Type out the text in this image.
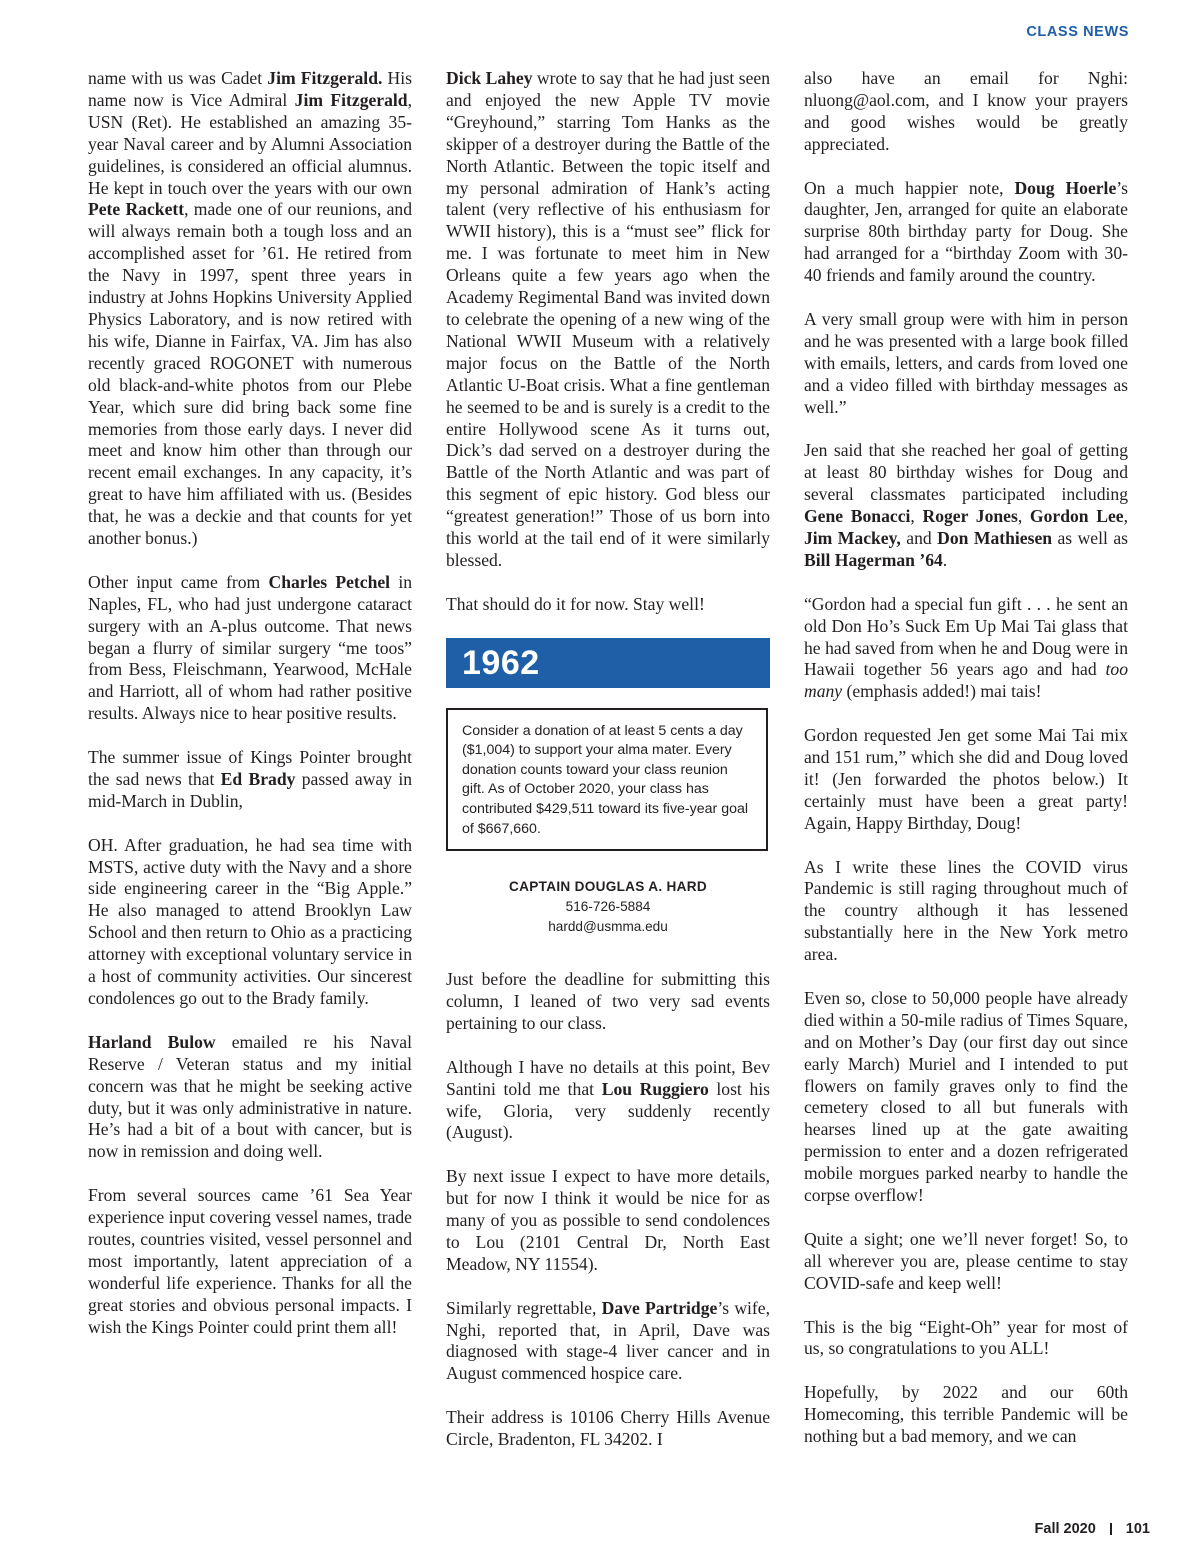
CLASS NEWS

name with us was Cadet Jim Fitzgerald. His name now is Vice Admiral Jim Fitzgerald, USN (Ret). He established an amazing 35-year Naval career and by Alumni Association guidelines, is considered an official alumnus. He kept in touch over the years with our own Pete Rackett, made one of our reunions, and will always remain both a tough loss and an accomplished asset for ’61. He retired from the Navy in 1997, spent three years in industry at Johns Hopkins University Applied Physics Laboratory, and is now retired with his wife, Dianne in Fairfax, VA. Jim has also recently graced ROGONET with numerous old black-and-white photos from our Plebe Year, which sure did bring back some fine memories from those early days. I never did meet and know him other than through our recent email exchanges. In any capacity, it’s great to have him affiliated with us. (Besides that, he was a deckie and that counts for yet another bonus.)

Other input came from Charles Petchel in Naples, FL, who had just undergone cataract surgery with an A-plus outcome. That news began a flurry of similar surgery “me toos” from Bess, Fleischmann, Yearwood, McHale and Harriott, all of whom had rather positive results. Always nice to hear positive results.

The summer issue of Kings Pointer brought the sad news that Ed Brady passed away in mid-March in Dublin,

OH. After graduation, he had sea time with MSTS, active duty with the Navy and a shore side engineering career in the “Big Apple.” He also managed to attend Brooklyn Law School and then return to Ohio as a practicing attorney with exceptional voluntary service in a host of community activities. Our sincerest condolences go out to the Brady family.

Harland Bulow emailed re his Naval Reserve / Veteran status and my initial concern was that he might be seeking active duty, but it was only administrative in nature. He’s had a bit of a bout with cancer, but is now in remission and doing well.

From several sources came ’61 Sea Year experience input covering vessel names, trade routes, countries visited, vessel personnel and most importantly, latent appreciation of a wonderful life experience. Thanks for all the great stories and obvious personal impacts. I wish the Kings Pointer could print them all!

Dick Lahey wrote to say that he had just seen and enjoyed the new Apple TV movie “Greyhound,” starring Tom Hanks as the skipper of a destroyer during the Battle of the North Atlantic. Between the topic itself and my personal admiration of Hank’s acting talent (very reflective of his enthusiasm for WWII history), this is a “must see” flick for me. I was fortunate to meet him in New Orleans quite a few years ago when the Academy Regimental Band was invited down to celebrate the opening of a new wing of the National WWII Museum with a relatively major focus on the Battle of the North Atlantic U-Boat crisis. What a fine gentleman he seemed to be and is surely is a credit to the entire Hollywood scene As it turns out, Dick’s dad served on a destroyer during the Battle of the North Atlantic and was part of this segment of epic history. God bless our “greatest generation!” Those of us born into this world at the tail end of it were similarly blessed.

That should do it for now. Stay well!

1962
Consider a donation of at least 5 cents a day ($1,004) to support your alma mater. Every donation counts toward your class reunion gift. As of October 2020, your class has contributed $429,511 toward its five-year goal of $667,660.
CAPTAIN DOUGLAS A. HARD
516-726-5884
hardd@usmma.edu

Just before the deadline for submitting this column, I leaned of two very sad events pertaining to our class.

Although I have no details at this point, Bev Santini told me that Lou Ruggiero lost his wife, Gloria, very suddenly recently (August).

By next issue I expect to have more details, but for now I think it would be nice for as many of you as possible to send condolences to Lou (2101 Central Dr, North East Meadow, NY 11554).

Similarly regrettable, Dave Partridge’s wife, Nghi, reported that, in April, Dave was diagnosed with stage-4 liver cancer and in August commenced hospice care.

Their address is 10106 Cherry Hills Avenue Circle, Bradenton, FL 34202. I

also have an email for Nghi: nluong@aol.com, and I know your prayers and good wishes would be greatly appreciated.

On a much happier note, Doug Hoerle’s daughter, Jen, arranged for quite an elaborate surprise 80th birthday party for Doug. She had arranged for a “birthday Zoom with 30-40 friends and family around the country.

A very small group were with him in person and he was presented with a large book filled with emails, letters, and cards from loved one and a video filled with birthday messages as well.”

Jen said that she reached her goal of getting at least 80 birthday wishes for Doug and several classmates participated including Gene Bonacci, Roger Jones, Gordon Lee, Jim Mackey, and Don Mathiesen as well as Bill Hagerman ’64.

“Gordon had a special fun gift . . . he sent an old Don Ho’s Suck Em Up Mai Tai glass that he had saved from when he and Doug were in Hawaii together 56 years ago and had too many (emphasis added!) mai tais!

Gordon requested Jen get some Mai Tai mix and 151 rum,” which she did and Doug loved it! (Jen forwarded the photos below.) It certainly must have been a great party! Again, Happy Birthday, Doug!

As I write these lines the COVID virus Pandemic is still raging throughout much of the country although it has lessened substantially here in the New York metro area.

Even so, close to 50,000 people have already died within a 50-mile radius of Times Square, and on Mother’s Day (our first day out since early March) Muriel and I intended to put flowers on family graves only to find the cemetery closed to all but funerals with hearses lined up at the gate awaiting permission to enter and a dozen refrigerated mobile morgues parked nearby to handle the corpse overflow!

Quite a sight; one we’ll never forget! So, to all wherever you are, please centime to stay COVID-safe and keep well!

This is the big “Eight-Oh” year for most of us, so congratulations to you ALL!

Hopefully, by 2022 and our 60th Homecoming, this terrible Pandemic will be nothing but a bad memory, and we can

Fall 2020 101
